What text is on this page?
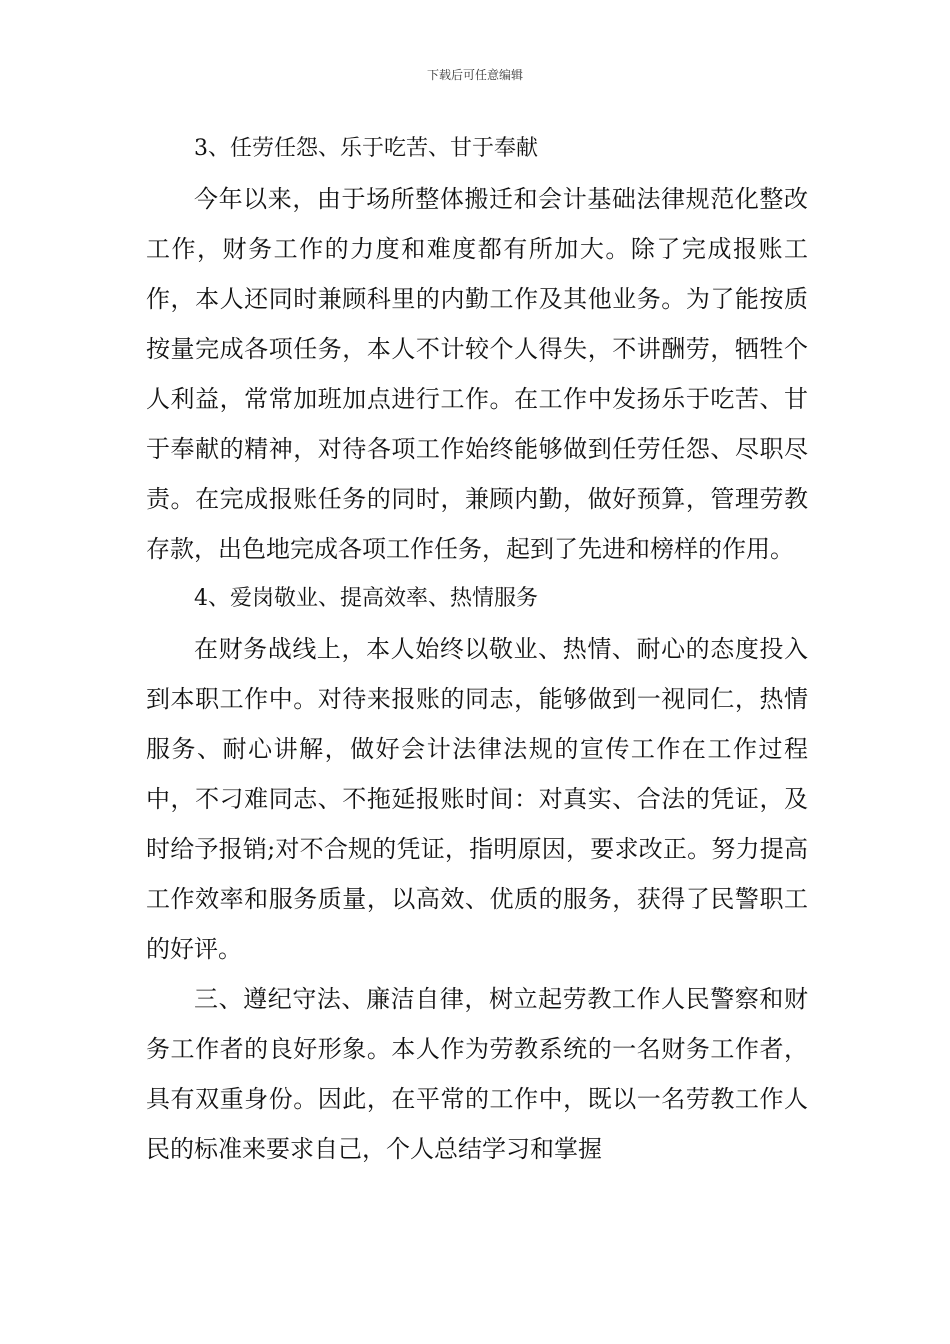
下载后可任意编辑

3、任劳任怨、乐于吃苦、甘于奉献

今年以来，由于场所整体搬迁和会计基础法律规范化整改工作，财务工作的力度和难度都有所加大。除了完成报账工作，本人还同时兼顾科里的内勤工作及其他业务。为了能按质按量完成各项任务，本人不计较个人得失，不讲酬劳，牺牲个人利益，常常加班加点进行工作。在工作中发扬乐于吃苦、甘于奉献的精神，对待各项工作始终能够做到任劳任怨、尽职尽责。在完成报账任务的同时，兼顾内勤，做好预算，管理劳教存款，出色地完成各项工作任务，起到了先进和榜样的作用。

4、爱岗敬业、提高效率、热情服务

在财务战线上，本人始终以敬业、热情、耐心的态度投入到本职工作中。对待来报账的同志，能够做到一视同仁，热情服务、耐心讲解，做好会计法律法规的宣传工作在工作过程中，不刁难同志、不拖延报账时间：对真实、合法的凭证，及时给予报销;对不合规的凭证，指明原因，要求改正。努力提高工作效率和服务质量，以高效、优质的服务，获得了民警职工的好评。

三、遵纪守法、廉洁自律，树立起劳教工作人民警察和财务工作者的良好形象。本人作为劳教系统的一名财务工作者，具有双重身份。因此，在平常的工作中，既以一名劳教工作人民的标准来要求自己，个人总结学习和掌握
